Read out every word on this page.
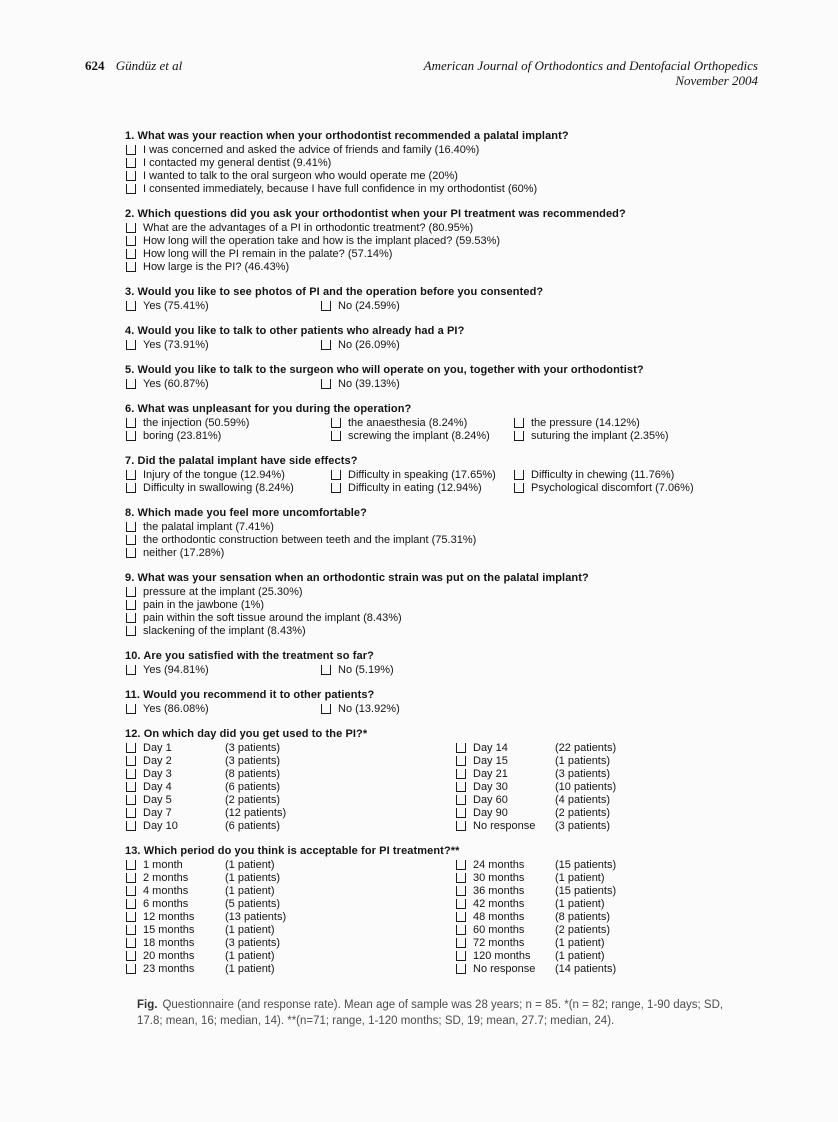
624 Gündüz et al	American Journal of Orthodontics and Dentofacial Orthopedics
November 2004
1. What was your reaction when your orthodontist recommended a palatal implant?
I was concerned and asked the advice of friends and family (16.40%)
I contacted my general dentist (9.41%)
I wanted to talk to the oral surgeon who would operate me (20%)
I consented immediately, because I have full confidence in my orthodontist (60%)
2. Which questions did you ask your orthodontist when your PI treatment was recommended?
What are the advantages of a PI in orthodontic treatment? (80.95%)
How long will the operation take and how is the implant placed? (59.53%)
How long will the PI remain in the palate? (57.14%)
How large is the PI? (46.43%)
3. Would you like to see photos of PI and the operation before you consented?
Yes (75.41%)	No (24.59%)
4. Would you like to talk to other patients who already had a PI?
Yes (73.91%)	No (26.09%)
5. Would you like to talk to the surgeon who will operate on you, together with your orthodontist?
Yes (60.87%)	No (39.13%)
6. What was unpleasant for you during the operation?
the injection (50.59%)	the anaesthesia (8.24%)	the pressure (14.12%)
boring (23.81%)	screwing the implant (8.24%)	suturing the implant (2.35%)
7. Did the palatal implant have side effects?
Injury of the tongue (12.94%)	Difficulty in speaking (17.65%)	Difficulty in chewing (11.76%)
Difficulty in swallowing (8.24%)	Difficulty in eating (12.94%)	Psychological discomfort (7.06%)
8. Which made you feel more uncomfortable?
the palatal implant (7.41%)
the orthodontic construction between teeth and the implant (75.31%)
neither (17.28%)
9. What was your sensation when an orthodontic strain was put on the palatal implant?
pressure at the implant (25.30%)
pain in the jawbone (1%)
pain within the soft tissue around the implant (8.43%)
slackening of the implant (8.43%)
10. Are you satisfied with the treatment so far?
Yes (94.81%)	No (5.19%)
11. Would you recommend it to other patients?
Yes (86.08%)	No (13.92%)
12. On which day did you get used to the PI?*
Day 1	(3 patients)	Day 14	(22 patients)
Day 2	(3 patients)	Day 15	(1 patients)
Day 3	(8 patients)	Day 21	(3 patients)
Day 4	(6 patients)	Day 30	(10 patients)
Day 5	(2 patients)	Day 60	(4 patients)
Day 7	(12 patients)	Day 90	(2 patients)
Day 10	(6 patients)	No response	(3 patients)
13. Which period do you think is acceptable for PI treatment?**
1 month	(1 patient)	24 months	(15 patients)
2 months	(1 patients)	30 months	(1 patient)
4 months	(1 patient)	36 months	(15 patients)
6 months	(5 patients)	42 months	(1 patient)
12 months	(13 patients)	48 months	(8 patients)
15 months	(1 patient)	60 months	(2 patients)
18 months	(3 patients)	72 months	(1 patient)
20 months	(1 patient)	120 months	(1 patient)
23 months	(1 patient)	No response	(14 patients)
Fig. Questionnaire (and response rate). Mean age of sample was 28 years; n = 85. *(n = 82; range, 1-90 days; SD, 17.8; mean, 16; median, 14). **(n=71; range, 1-120 months; SD, 19; mean, 27.7; median, 24).
